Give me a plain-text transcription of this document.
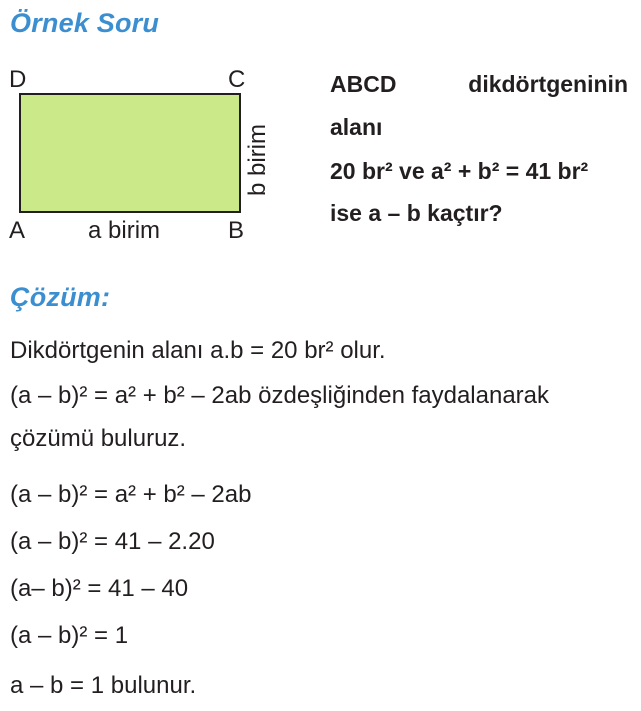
Örnek Soru
D	C
A	B
a birim
b birim
ABCD	dikdörtgeninin
alanı
20 br² ve a² + b² = 41 br²
ise a – b kaçtır?
Çözüm:
Dikdörtgenin alanı a.b = 20 br² olur.
(a – b)² = a² + b² – 2ab özdeşliğinden faydalanarak
çözümü buluruz.
(a – b)² = a² + b² – 2ab
(a – b)² = 41 – 2.20
(a– b)² = 41 – 40
(a – b)² = 1
a – b = 1 bulunur.
